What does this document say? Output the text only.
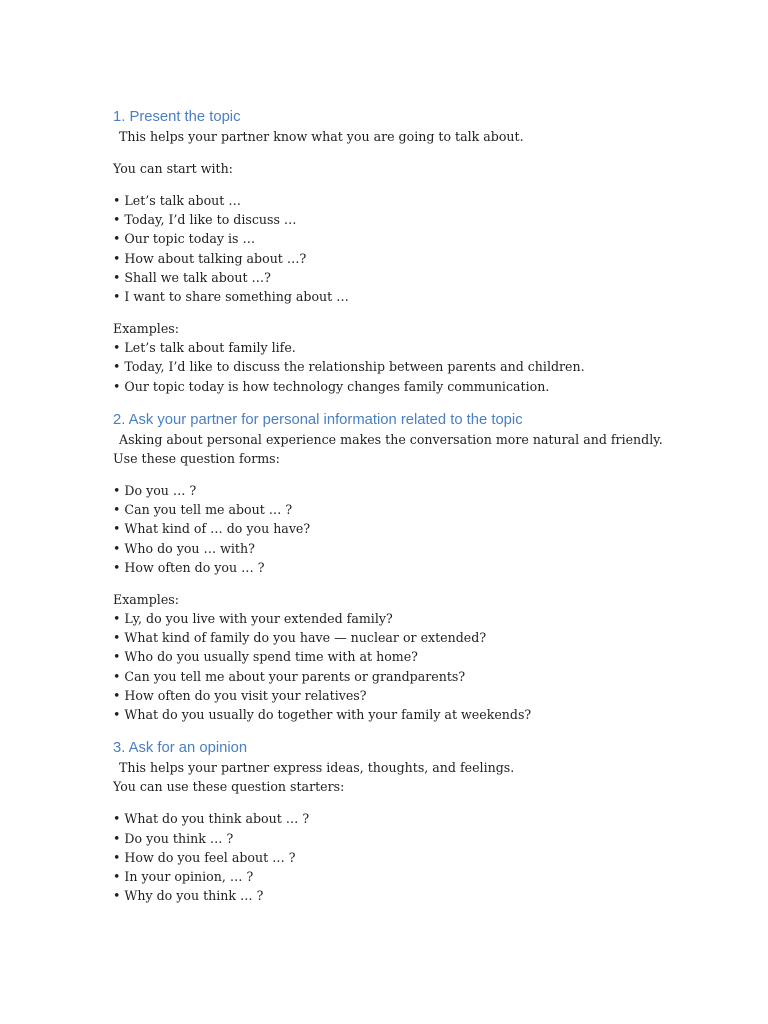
1. Present the topic
This helps your partner know what you are going to talk about.
You can start with:
• Let’s talk about …
• Today, I’d like to discuss …
• Our topic today is …
• How about talking about …?
• Shall we talk about …?
• I want to share something about …
Examples:
• Let’s talk about family life.
• Today, I’d like to discuss the relationship between parents and children.
• Our topic today is how technology changes family communication.
2. Ask your partner for personal information related to the topic
Asking about personal experience makes the conversation more natural and friendly.
Use these question forms:
• Do you … ?
• Can you tell me about … ?
• What kind of … do you have?
• Who do you … with?
• How often do you … ?
Examples:
• Ly, do you live with your extended family?
• What kind of family do you have — nuclear or extended?
• Who do you usually spend time with at home?
• Can you tell me about your parents or grandparents?
• How often do you visit your relatives?
• What do you usually do together with your family at weekends?
3. Ask for an opinion
This helps your partner express ideas, thoughts, and feelings.
You can use these question starters:
• What do you think about … ?
• Do you think … ?
• How do you feel about … ?
• In your opinion, … ?
• Why do you think … ?
